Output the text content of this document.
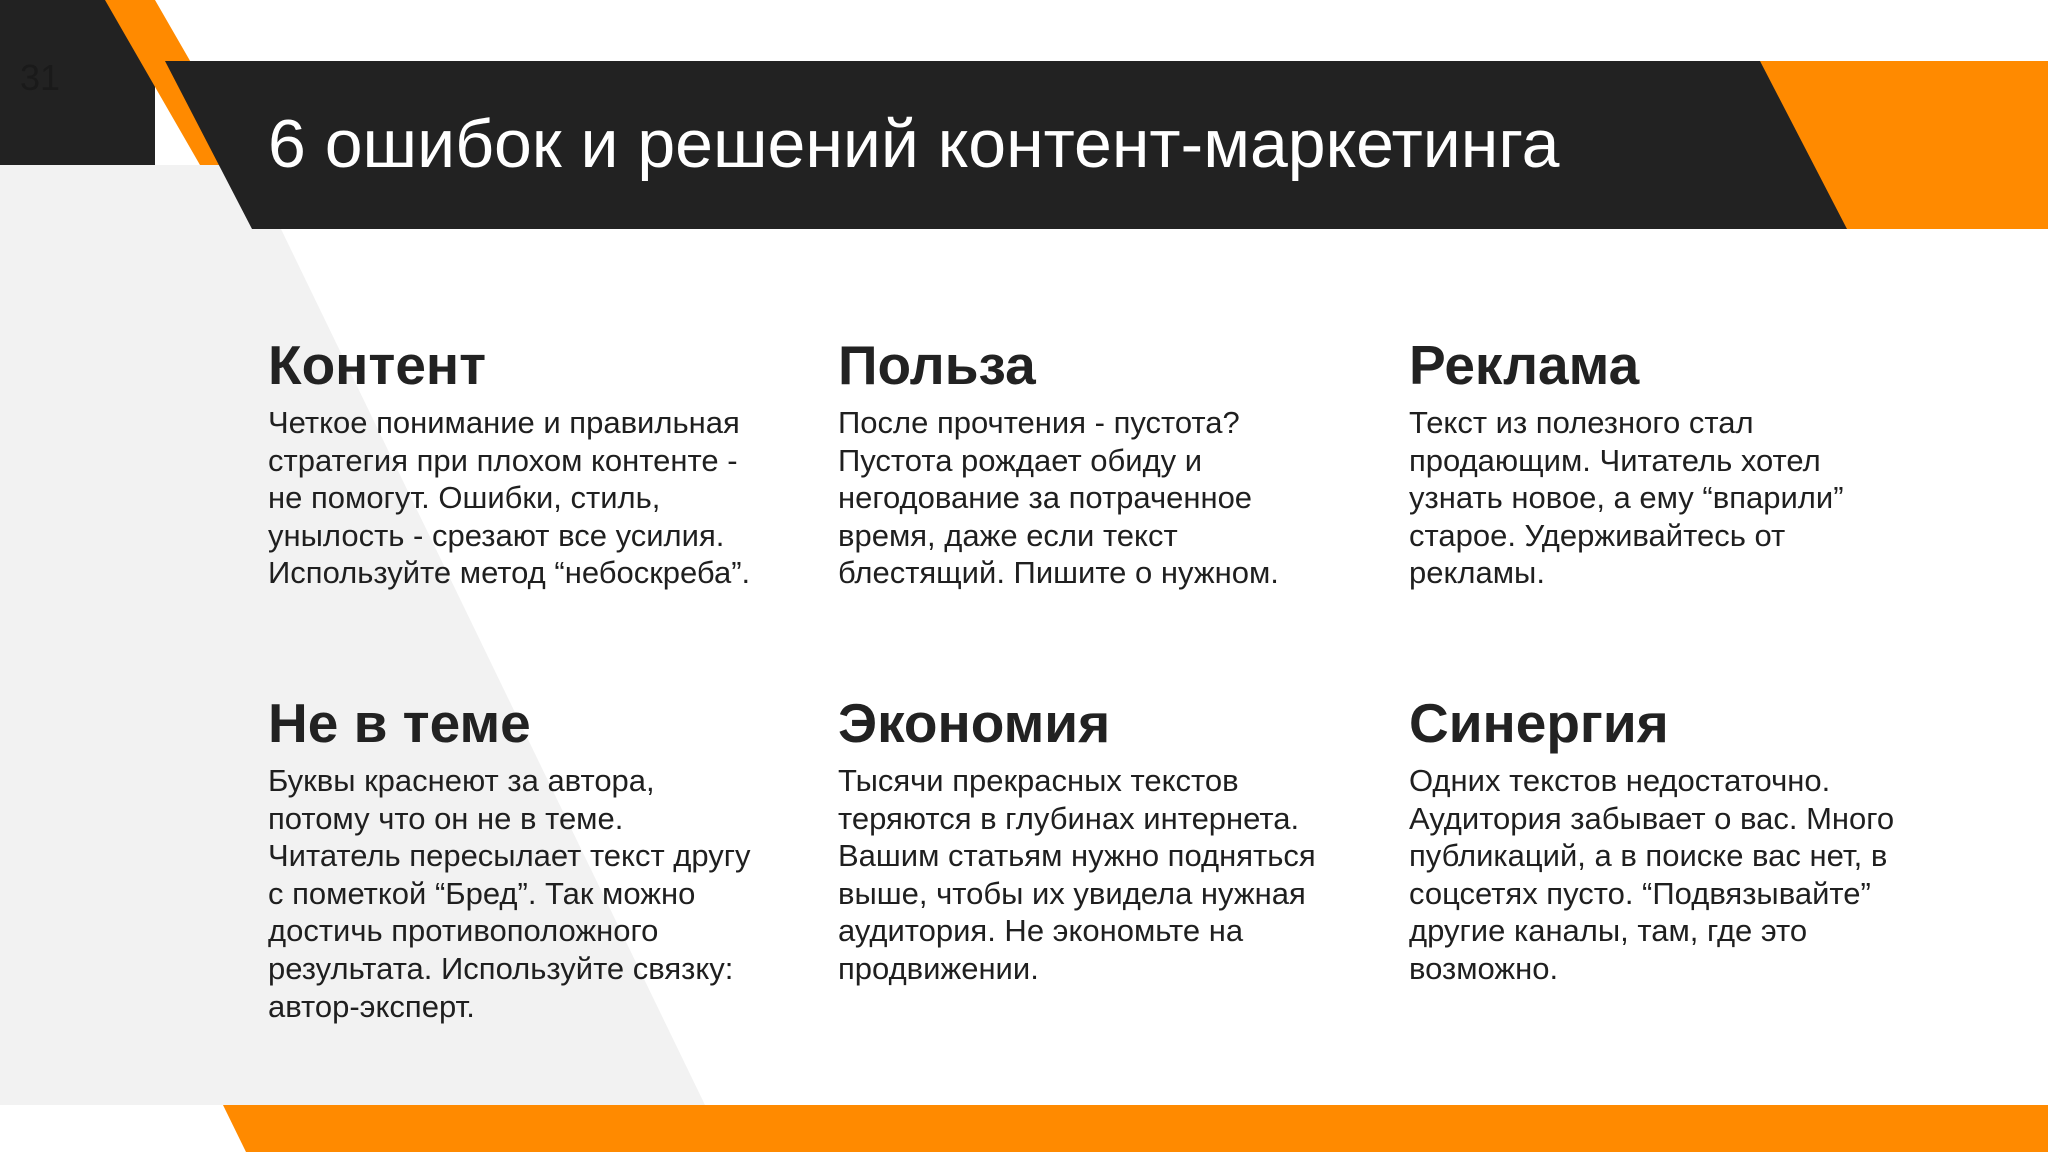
31
6 ошибок и решений контент-маркетинга
Контент

Четкое понимание и правильная
стратегия при плохом контенте -
не помогут. Ошибки, стиль,
унылость - срезают все усилия.
Используйте метод “небоскреба”.

Польза

После прочтения - пустота?
Пустота рождает обиду и
негодование за потраченное
время, даже если текст
блестящий. Пишите о нужном.

Реклама

Текст из полезного стал
продающим. Читатель хотел
узнать новое, а ему “впарили”
старое. Удерживайтесь от
рекламы.

Не в теме

Буквы краснеют за автора,
потому что он не в теме.
Читатель пересылает текст другу
с пометкой “Бред”. Так можно
достичь противоположного
результата. Используйте связку:
автор-эксперт.

Экономия

Тысячи прекрасных текстов
теряются в глубинах интернета.
Вашим статьям нужно подняться
выше, чтобы их увидела нужная
аудитория. Не экономьте на
продвижении.

Синергия

Одних текстов недостаточно.
Аудитория забывает о вас. Много
публикаций, а в поиске вас нет, в
соцсетях пусто. “Подвязывайте”
другие каналы, там, где это
возможно.
